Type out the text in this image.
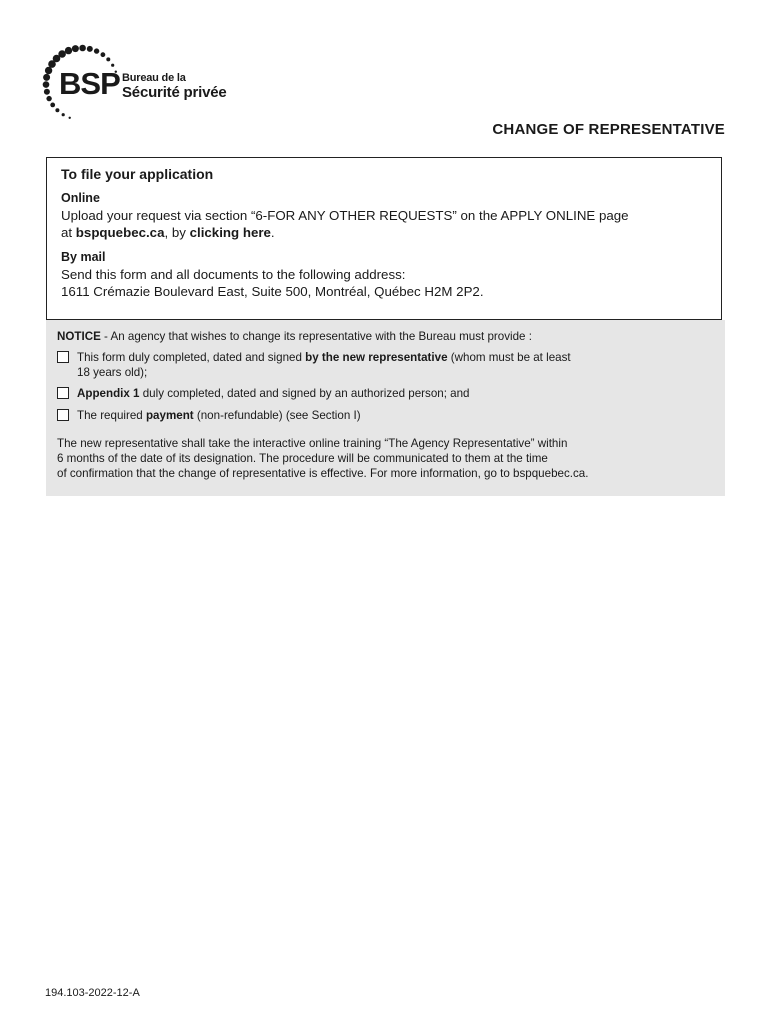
BSP Bureau de la
Sécurité privée
CHANGE OF REPRESENTATIVE

To file your application

Online

Upload your request via section “6-FOR ANY OTHER REQUESTS” on the APPLY ONLINE page

at bspquebec.ca, by clicking here.

By mail

Send this form and all documents to the following address:

1611 Crémazie Boulevard East, Suite 500, Montréal, Québec H2M 2P2.

NOTICE - An agency that wishes to change its representative with the Bureau must provide :

This form duly completed, dated and signed by the new representative (whom must be at least
18 years old);
Appendix 1 duly completed, dated and signed by an authorized person; and
The required payment (non-refundable) (see Section I)

The new representative shall take the interactive online training “The Agency Representative” within
6 months of the date of its designation. The procedure will be communicated to them at the time
of confirmation that the change of representative is effective. For more information, go to bspquebec.ca.

194.103-2022-12-A
